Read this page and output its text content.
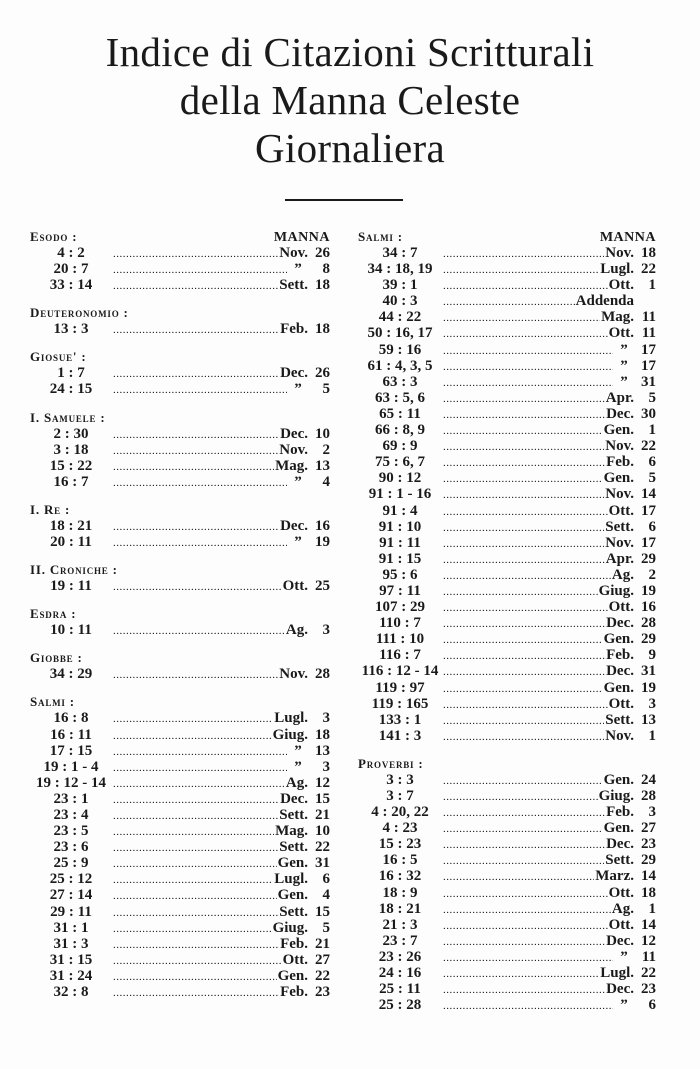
Indice di Citazioni Scritturali
della Manna Celeste
Giornaliera
Esodo :	MANNA
4 : 2 .....	Nov. 26
20 : 7 .....	”	8
33 : 14 .....	Sett. 18
Deuteronomio :
13 : 3 .....	Feb. 18
Giosue' :
1 : 7 .....	Dec. 26
24 : 15 .....	”	5
I. Samuele :
2 : 30 .....	Dec. 10
3 : 18 .....	Nov. 2
15 : 22 .....	Mag. 13
16 : 7 .....	”	4
I. Re :
18 : 21 .....	Dec. 16
20 : 11 .....	” 19
II. Croniche :
19 : 11 .....	Ott. 25
Esdra :
10 : 11 .....	Ag. 3
Giobbe :
34 : 29 .....	Nov. 28
Salmi :
16 : 8 .....	Lugl. 3
16 : 11 .....	Giug. 18
17 : 15 .....	” 13
19 : 1 - 4 .....	”	3
19 : 12 - 14 .....	Ag. 12
23 : 1 .....	Dec. 15
23 : 4 .....	Sett. 21
23 : 5 .....	Mag. 10
23 : 6 .....	Sett. 22
25 : 9 .....	Gen. 31
25 : 12 .....	Lugl. 6
27 : 14 .....	Gen. 4
29 : 11 .....	Sett. 15
31 : 1 .....	Giug. 5
31 : 3 .....	Feb. 21
31 : 15 .....	Ott. 27
31 : 24 .....	Gen. 22
32 : 8 .....	Feb. 23
Salmi :	MANNA
34 : 7 .....	Nov. 18
34 : 18, 19 .....	Lugl. 22
39 : 1 .....	Ott. 1
40 : 3 .....	Addenda
44 : 22 .....	Mag. 11
50 : 16, 17 .....	Ott. 11
59 : 16 .....	” 17
61 : 4, 3, 5 .....	” 17
63 : 3 .....	” 31
63 : 5, 6 .....	Apr. 5
65 : 11 .....	Dec. 30
66 : 8, 9 .....	Gen. 1
69 : 9 .....	Nov. 22
75 : 6, 7 .....	Feb. 6
90 : 12 .....	Gen. 5
91 : 1 - 16 .....	Nov. 14
91 : 4 .....	Ott. 17
91 : 10 .....	Sett. 6
91 : 11 .....	Nov. 17
91 : 15 .....	Apr. 29
95 : 6 .....	Ag. 2
97 : 11 .....	Giug. 19
107 : 29 .....	Ott. 16
110 : 7 .....	Dec. 28
111 : 10 .....	Gen. 29
116 : 7 .....	Feb. 9
116 : 12 - 14 .....	Dec. 31
119 : 97 .....	Gen. 19
119 : 165 .....	Ott. 3
133 : 1 .....	Sett. 13
141 : 3 .....	Nov. 1
Proverbi :
3 : 3 .....	Gen. 24
3 : 7 .....	Giug. 28
4 : 20, 22 .....	Feb. 3
4 : 23 .....	Gen. 27
15 : 23 .....	Dec. 23
16 : 5 .....	Sett. 29
16 : 32 .....	Marz. 14
18 : 9 .....	Ott. 18
18 : 21 .....	Ag. 1
21 : 3 .....	Ott. 14
23 : 7 .....	Dec. 12
23 : 26 .....	” 11
24 : 16 .....	Lugl. 22
25 : 11 .....	Dec. 23
25 : 28 .....	”	6
